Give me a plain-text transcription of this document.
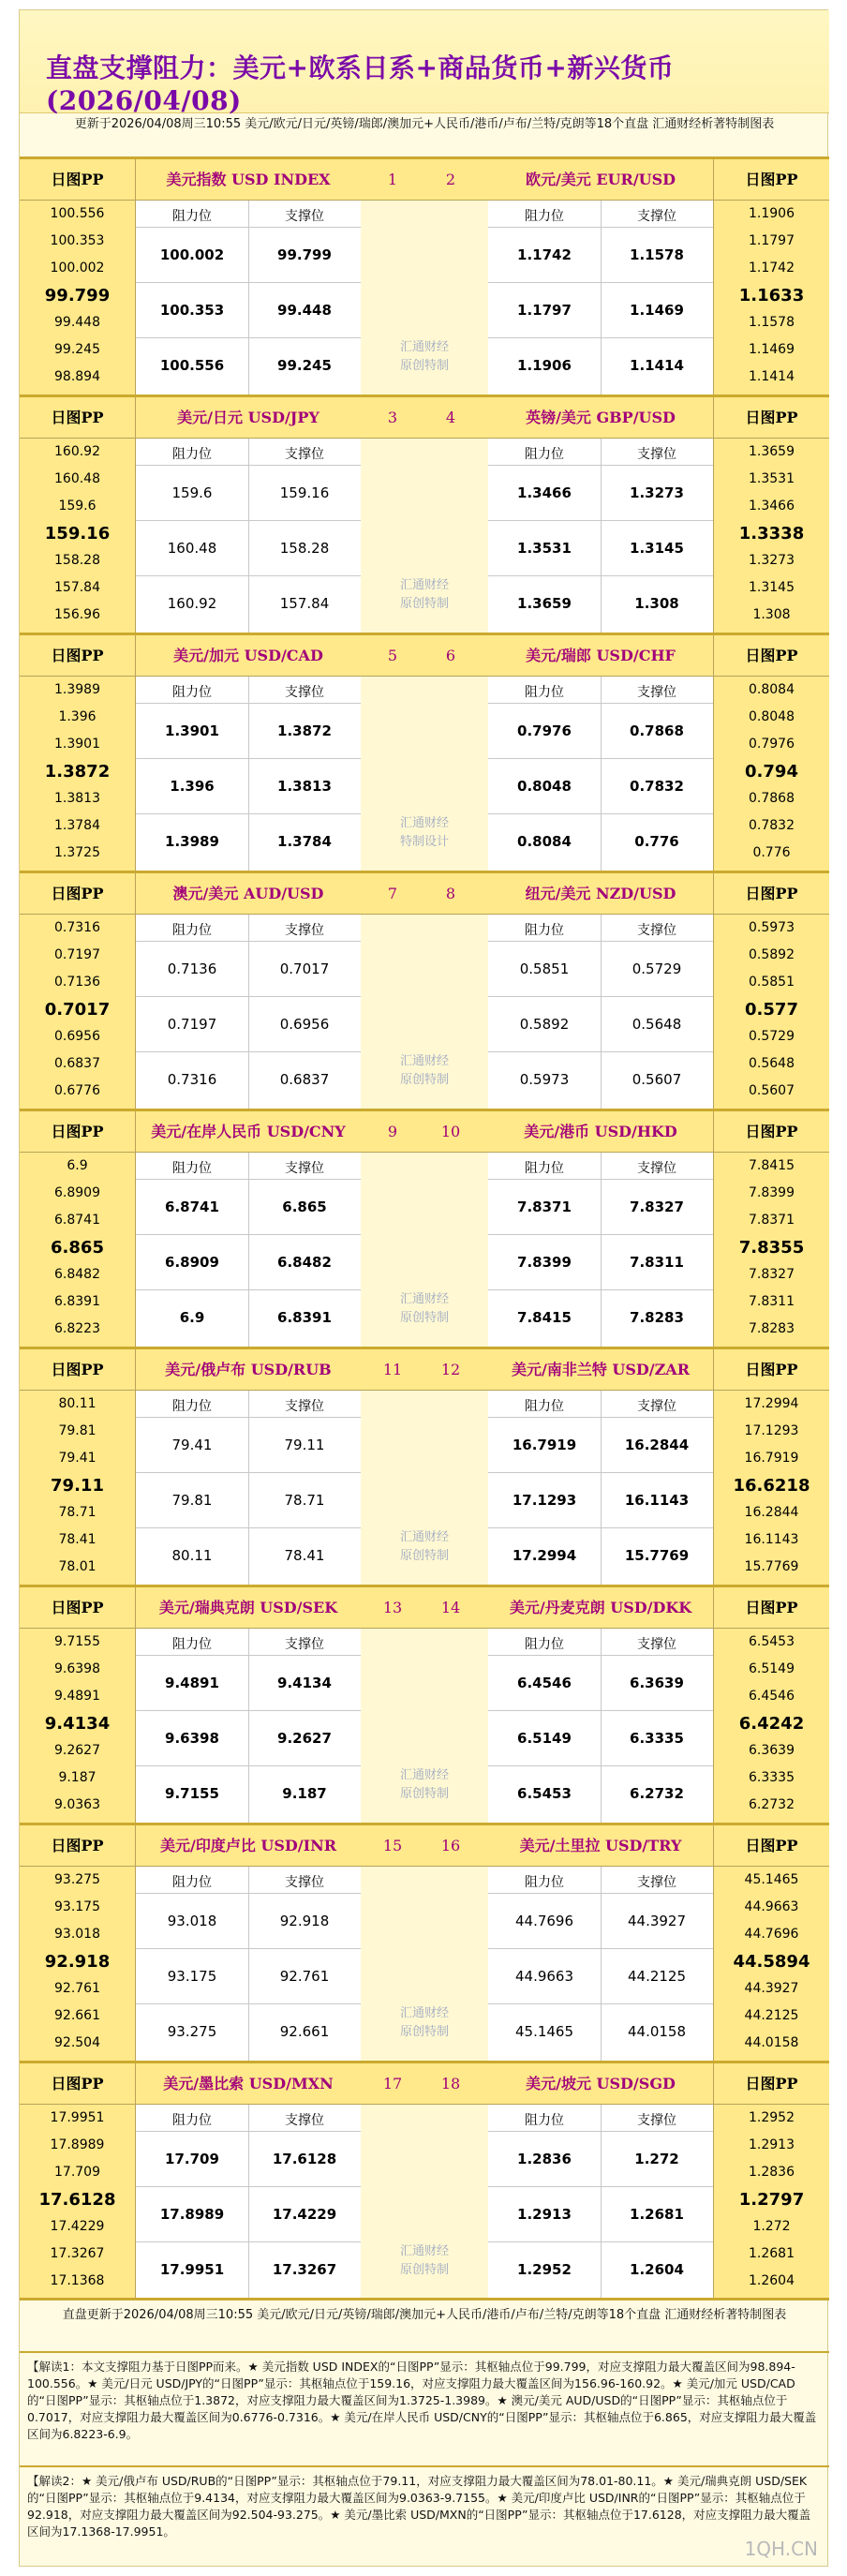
直盘支撑阻力：美元+欧系日系+商品货币+新兴货币(2026/04/08)
更新于2026/04/08周三10:55 美元/欧元/日元/英镑/瑞郎/澳加元+人民币/港币/卢布/兰特/克朗等18个直盘 汇通财经析著特制图表
日图PP
100.556
100.353
100.002
99.799
99.448
99.245
98.894
美元指数 USD INDEX	1	2	欧元/美元 EUR/USD
汇通财经
原创特制
阻力位	支撑位
100.002	99.799
100.353	99.448
100.556	99.245
阻力位	支撑位
1.1742	1.1578
1.1797	1.1469
1.1906	1.1414
日图PP
1.1906
1.1797
1.1742
1.1633
1.1578
1.1469
1.1414
日图PP
160.92
160.48
159.6
159.16
158.28
157.84
156.96
美元/日元 USD/JPY	3	4	英镑/美元 GBP/USD
汇通财经
原创特制
阻力位	支撑位
159.6	159.16
160.48	158.28
160.92	157.84
阻力位	支撑位
1.3466	1.3273
1.3531	1.3145
1.3659	1.308
日图PP
1.3659
1.3531
1.3466
1.3338
1.3273
1.3145
1.308
日图PP
1.3989
1.396
1.3901
1.3872
1.3813
1.3784
1.3725
美元/加元 USD/CAD	5	6	美元/瑞郎 USD/CHF
汇通财经
特制设计
阻力位	支撑位
1.3901	1.3872
1.396	1.3813
1.3989	1.3784
阻力位	支撑位
0.7976	0.7868
0.8048	0.7832
0.8084	0.776
日图PP
0.8084
0.8048
0.7976
0.794
0.7868
0.7832
0.776
日图PP
0.7316
0.7197
0.7136
0.7017
0.6956
0.6837
0.6776
澳元/美元 AUD/USD	7	8	纽元/美元 NZD/USD
汇通财经
原创特制
阻力位	支撑位
0.7136	0.7017
0.7197	0.6956
0.7316	0.6837
阻力位	支撑位
0.5851	0.5729
0.5892	0.5648
0.5973	0.5607
日图PP
0.5973
0.5892
0.5851
0.577
0.5729
0.5648
0.5607
日图PP
6.9
6.8909
6.8741
6.865
6.8482
6.8391
6.8223
美元/在岸人民币 USD/CNY	9	10	美元/港币 USD/HKD
汇通财经
原创特制
阻力位	支撑位
6.8741	6.865
6.8909	6.8482
6.9	6.8391
阻力位	支撑位
7.8371	7.8327
7.8399	7.8311
7.8415	7.8283
日图PP
7.8415
7.8399
7.8371
7.8355
7.8327
7.8311
7.8283
日图PP
80.11
79.81
79.41
79.11
78.71
78.41
78.01
美元/俄卢布 USD/RUB	11	12	美元/南非兰特 USD/ZAR
汇通财经
原创特制
阻力位	支撑位
79.41	79.11
79.81	78.71
80.11	78.41
阻力位	支撑位
16.7919	16.2844
17.1293	16.1143
17.2994	15.7769
日图PP
17.2994
17.1293
16.7919
16.6218
16.2844
16.1143
15.7769
日图PP
9.7155
9.6398
9.4891
9.4134
9.2627
9.187
9.0363
美元/瑞典克朗 USD/SEK	13	14	美元/丹麦克朗 USD/DKK
汇通财经
原创特制
阻力位	支撑位
9.4891	9.4134
9.6398	9.2627
9.7155	9.187
阻力位	支撑位
6.4546	6.3639
6.5149	6.3335
6.5453	6.2732
日图PP
6.5453
6.5149
6.4546
6.4242
6.3639
6.3335
6.2732
日图PP
93.275
93.175
93.018
92.918
92.761
92.661
92.504
美元/印度卢比 USD/INR	15	16	美元/土里拉 USD/TRY
汇通财经
原创特制
阻力位	支撑位
93.018	92.918
93.175	92.761
93.275	92.661
阻力位	支撑位
44.7696	44.3927
44.9663	44.2125
45.1465	44.0158
日图PP
45.1465
44.9663
44.7696
44.5894
44.3927
44.2125
44.0158
日图PP
17.9951
17.8989
17.709
17.6128
17.4229
17.3267
17.1368
美元/墨比索 USD/MXN	17	18	美元/坡元 USD/SGD
汇通财经
原创特制
阻力位	支撑位
17.709	17.6128
17.8989	17.4229
17.9951	17.3267
阻力位	支撑位
1.2836	1.272
1.2913	1.2681
1.2952	1.2604
日图PP
1.2952
1.2913
1.2836
1.2797
1.272
1.2681
1.2604
直盘更新于2026/04/08周三10:55 美元/欧元/日元/英镑/瑞郎/澳加元+人民币/港币/卢布/兰特/克朗等18个直盘 汇通财经析著特制图表
【解读1：本文支撑阻力基于日图PP而来。★ 美元指数 USD INDEX的“日图PP”显示：其枢轴点位于99.799，对应支撑阻力最大覆盖区间为98.894-100.556。★ 美元/日元 USD/JPY的“日图PP”显示：其枢轴点位于159.16，对应支撑阻力最大覆盖区间为156.96-160.92。★ 美元/加元 USD/CAD的“日图PP”显示：其枢轴点位于1.3872，对应支撑阻力最大覆盖区间为1.3725-1.3989。★ 澳元/美元 AUD/USD的“日图PP”显示：其枢轴点位于0.7017，对应支撑阻力最大覆盖区间为0.6776-0.7316。★ 美元/在岸人民币 USD/CNY的“日图PP”显示：其枢轴点位于6.865，对应支撑阻力最大覆盖区间为6.8223-6.9。
【解读2：★ 美元/俄卢布 USD/RUB的“日图PP”显示：其枢轴点位于79.11，对应支撑阻力最大覆盖区间为78.01-80.11。★ 美元/瑞典克朗 USD/SEK的“日图PP”显示：其枢轴点位于9.4134，对应支撑阻力最大覆盖区间为9.0363-9.7155。★ 美元/印度卢比 USD/INR的“日图PP”显示：其枢轴点位于92.918，对应支撑阻力最大覆盖区间为92.504-93.275。★ 美元/墨比索 USD/MXN的“日图PP”显示：其枢轴点位于17.6128，对应支撑阻力最大覆盖区间为17.1368-17.9951。
1QH.CN
